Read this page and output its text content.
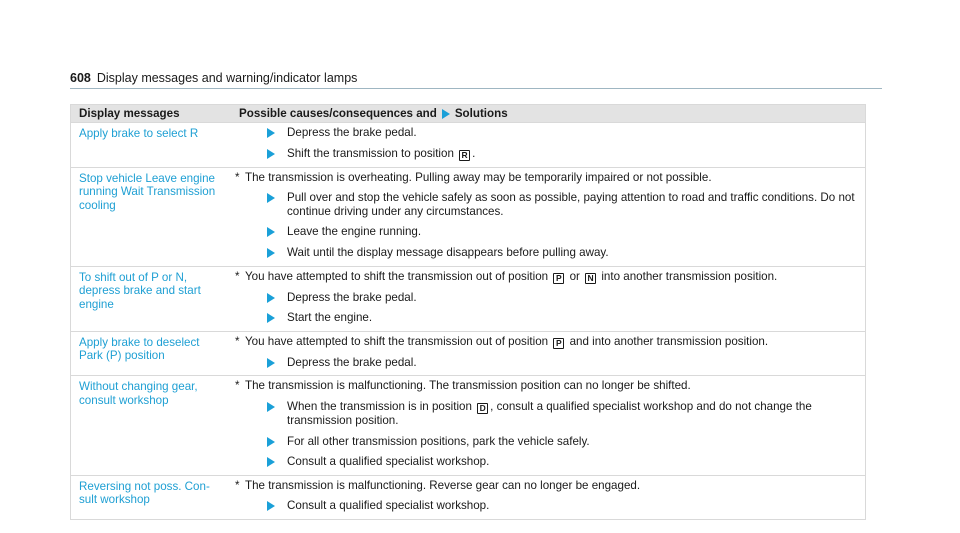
608 Display messages and warning/indicator lamps
Display messages	Possible causes/consequences and Solutions
Apply brake to select R	Depress the brake pedal.
Shift the transmission to position R .
Stop vehicle Leave engine
running Wait Transmission
cooling
* The transmission is overheating. Pulling away may be temporarily impaired or not possible.
Pull over and stop the vehicle safely as soon as possible, paying attention to road and traffic conditions. Do not continue driving under any circumstances.
Leave the engine running.
Wait until the display message disappears before pulling away.
To shift out of P or N,
depress brake and start
engine
* You have attempted to shift the transmission out of position P or N into another transmission position.
Depress the brake pedal.
Start the engine.
Apply brake to deselect
Park (P) position
* You have attempted to shift the transmission out of position P and into another transmission position.
Depress the brake pedal.
Without changing gear,
consult workshop
* The transmission is malfunctioning. The transmission position can no longer be shifted.
When the transmission is in position D , consult a qualified specialist workshop and do not change the transmission position.
For all other transmission positions, park the vehicle safely.
Consult a qualified specialist workshop.
Reversing not poss. Con-
sult workshop
* The transmission is malfunctioning. Reverse gear can no longer be engaged.
Consult a qualified specialist workshop.
